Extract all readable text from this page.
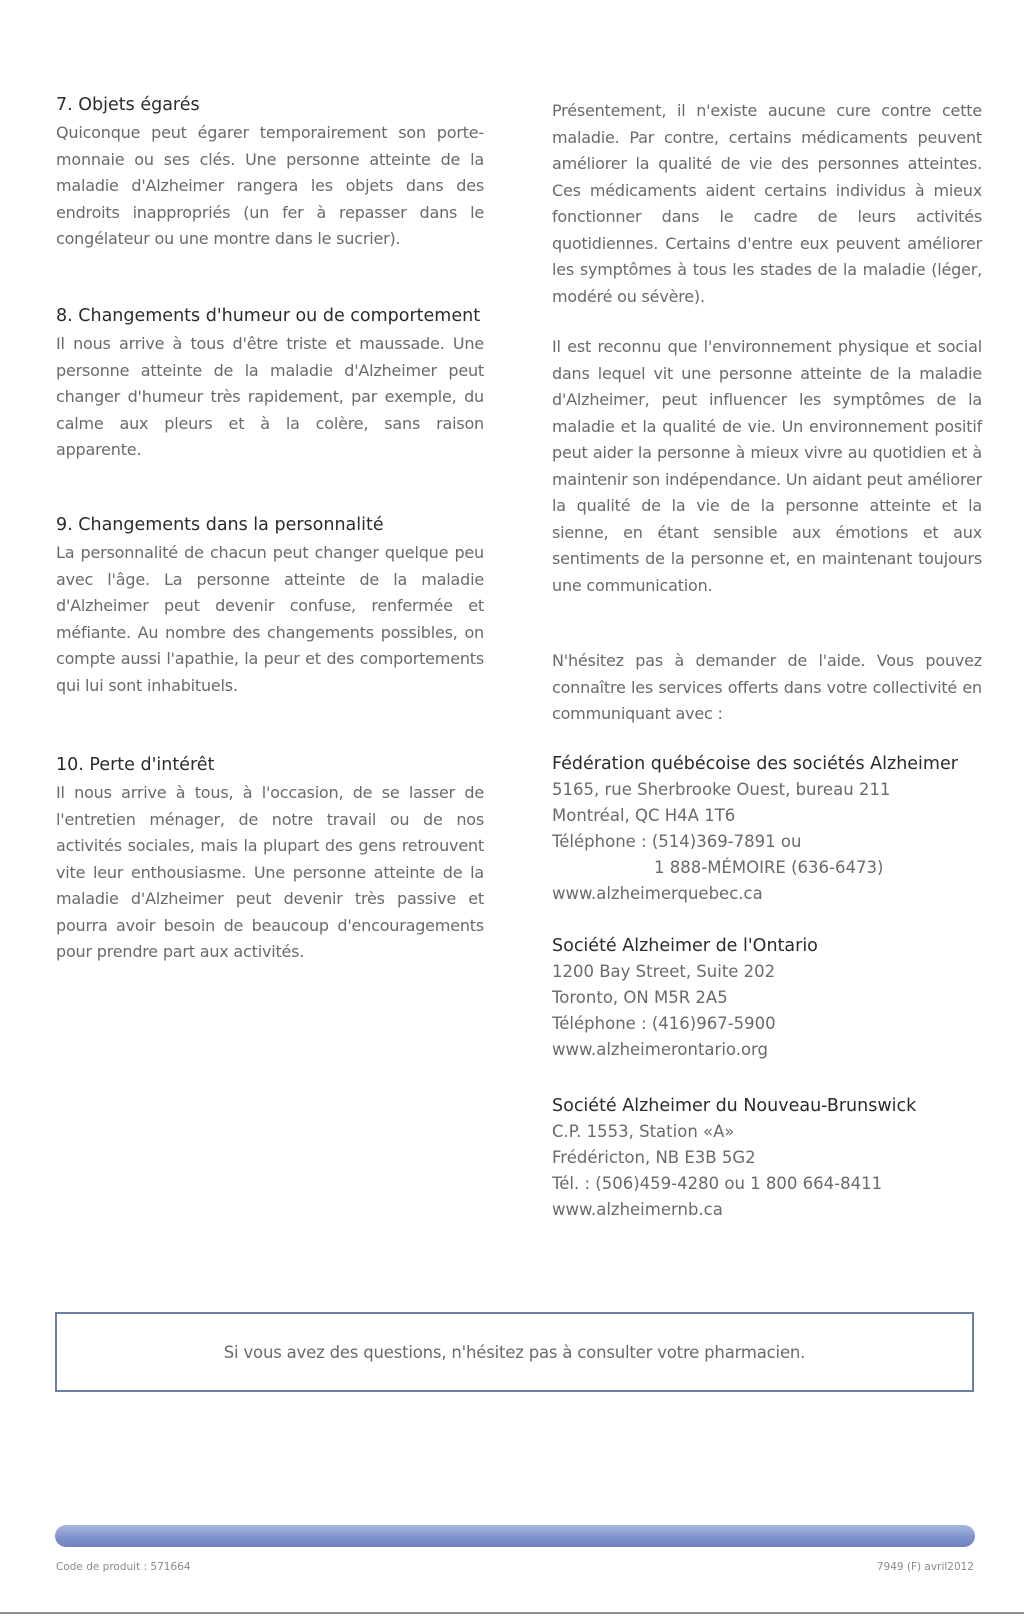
7. Objets égarés

Quiconque peut égarer temporairement son porte-monnaie ou ses clés. Une personne atteinte de la maladie d'Alzheimer rangera les objets dans des endroits inappropriés (un fer à repasser dans le congélateur ou une montre dans le sucrier).

8. Changements d'humeur ou de comportement

Il nous arrive à tous d'être triste et maussade. Une personne atteinte de la maladie d'Alzheimer peut changer d'humeur très rapidement, par exemple, du calme aux pleurs et à la colère, sans raison apparente.

9. Changements dans la personnalité

La personnalité de chacun peut changer quelque peu avec l'âge. La personne atteinte de la maladie d'Alzheimer peut devenir confuse, renfermée et méfiante. Au nombre des changements possibles, on compte aussi l'apathie, la peur et des comportements qui lui sont inhabituels.

10. Perte d'intérêt

Il nous arrive à tous, à l'occasion, de se lasser de l'entretien ménager, de notre travail ou de nos activités sociales, mais la plupart des gens retrouvent vite leur enthousiasme. Une personne atteinte de la maladie d'Alzheimer peut devenir très passive et pourra avoir besoin de beaucoup d'encouragements pour prendre part aux activités.

Présentement, il n'existe aucune cure contre cette maladie. Par contre, certains médicaments peuvent améliorer la qualité de vie des personnes atteintes. Ces médicaments aident certains individus à mieux fonctionner dans le cadre de leurs activités quotidiennes. Certains d'entre eux peuvent améliorer les symptômes à tous les stades de la maladie (léger, modéré ou sévère).

Il est reconnu que l'environnement physique et social dans lequel vit une personne atteinte de la maladie d'Alzheimer, peut influencer les symptômes de la maladie et la qualité de vie. Un environnement positif peut aider la personne à mieux vivre au quotidien et à maintenir son indépendance. Un aidant peut améliorer la qualité de la vie de la personne atteinte et la sienne, en étant sensible aux émotions et aux sentiments de la personne et, en maintenant toujours une communication.

N'hésitez pas à demander de l'aide. Vous pouvez connaître les services offerts dans votre collectivité en communiquant avec :

Fédération québécoise des sociétés Alzheimer

5165, rue Sherbrooke Ouest, bureau 211

Montréal, QC H4A 1T6

Téléphone : (514)369-7891 ou

1 888-MÉMOIRE (636-6473)

www.alzheimerquebec.ca

Société Alzheimer de l'Ontario

1200 Bay Street, Suite 202

Toronto, ON M5R 2A5

Téléphone : (416)967-5900

www.alzheimerontario.org

Société Alzheimer du Nouveau-Brunswick

C.P. 1553, Station «A»

Frédéricton, NB E3B 5G2

Tél. : (506)459-4280 ou 1 800 664-8411

www.alzheimernb.ca

Si vous avez des questions, n'hésitez pas à consulter votre pharmacien.
Code de produit : 571664	7949 (F) avril2012
